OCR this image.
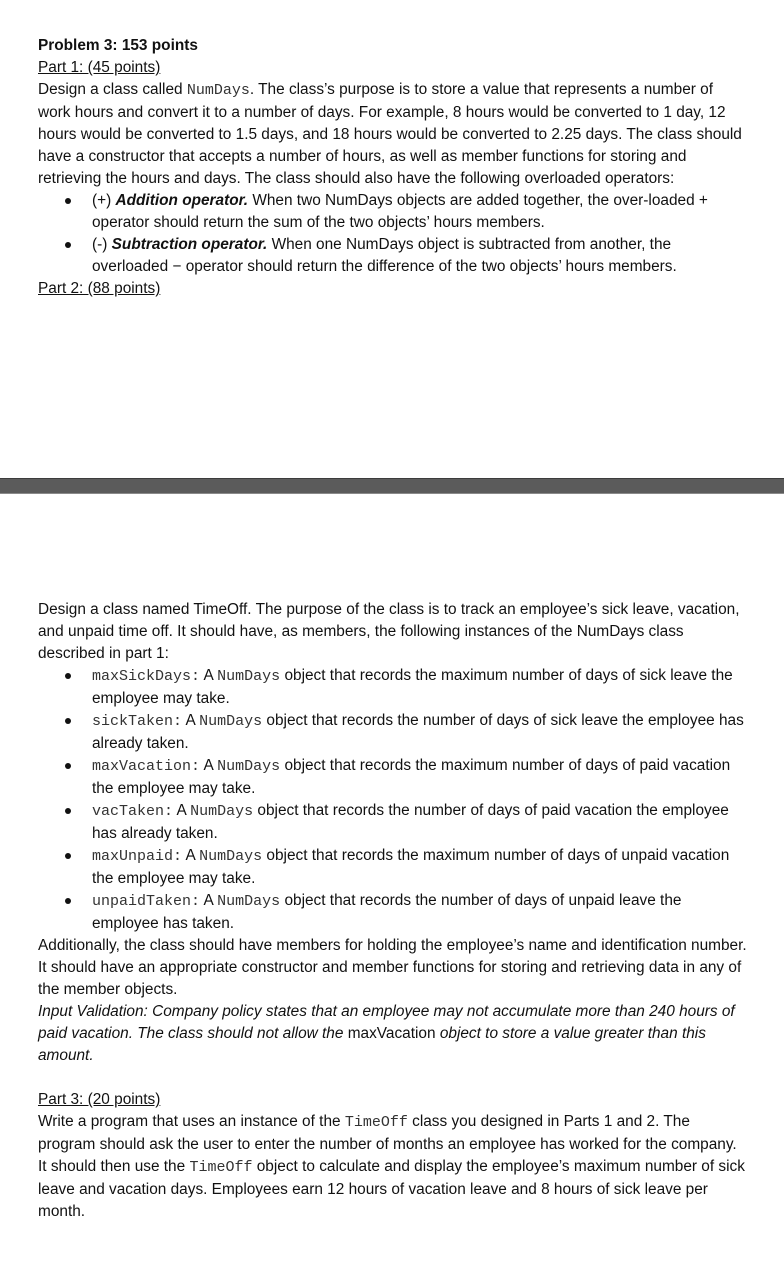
Problem 3: 153 points

Part 1: (45 points)

Design a class called NumDays. The class’s purpose is to store a value that represents a number of work hours and convert it to a number of days. For example, 8 hours would be converted to 1 day, 12 hours would be converted to 1.5 days, and 18 hours would be converted to 2.25 days. The class should have a constructor that accepts a number of hours, as well as member functions for storing and retrieving the hours and days. The class should also have the following overloaded operators:

(+) Addition operator. When two NumDays objects are added together, the over-loaded + operator should return the sum of the two objects’ hours members.
(-) Subtraction operator. When one NumDays object is subtracted from another, the overloaded − operator should return the difference of the two objects’ hours members.

Part 2: (88 points)

Design a class named TimeOff. The purpose of the class is to track an employee’s sick leave, vacation, and unpaid time off. It should have, as members, the following instances of the NumDays class described in part 1:

maxSickDays: A NumDays object that records the maximum number of days of sick leave the employee may take.
sickTaken: A NumDays object that records the number of days of sick leave the employee has already taken.
maxVacation: A NumDays object that records the maximum number of days of paid vacation the employee may take.
vacTaken: A NumDays object that records the number of days of paid vacation the employee has already taken.
maxUnpaid: A NumDays object that records the maximum number of days of unpaid vacation the employee may take.
unpaidTaken: A NumDays object that records the number of days of unpaid leave the employee has taken.

Additionally, the class should have members for holding the employee’s name and identification number. It should have an appropriate constructor and member functions for storing and retrieving data in any of the member objects.

Input Validation: Company policy states that an employee may not accumulate more than 240 hours of paid vacation. The class should not allow the maxVacation object to store a value greater than this amount.

Part 3: (20 points)

Write a program that uses an instance of the TimeOff class you designed in Parts 1 and 2. The program should ask the user to enter the number of months an employee has worked for the company. It should then use the TimeOff object to calculate and display the employee’s maximum number of sick leave and vacation days. Employees earn 12 hours of vacation leave and 8 hours of sick leave per month.
